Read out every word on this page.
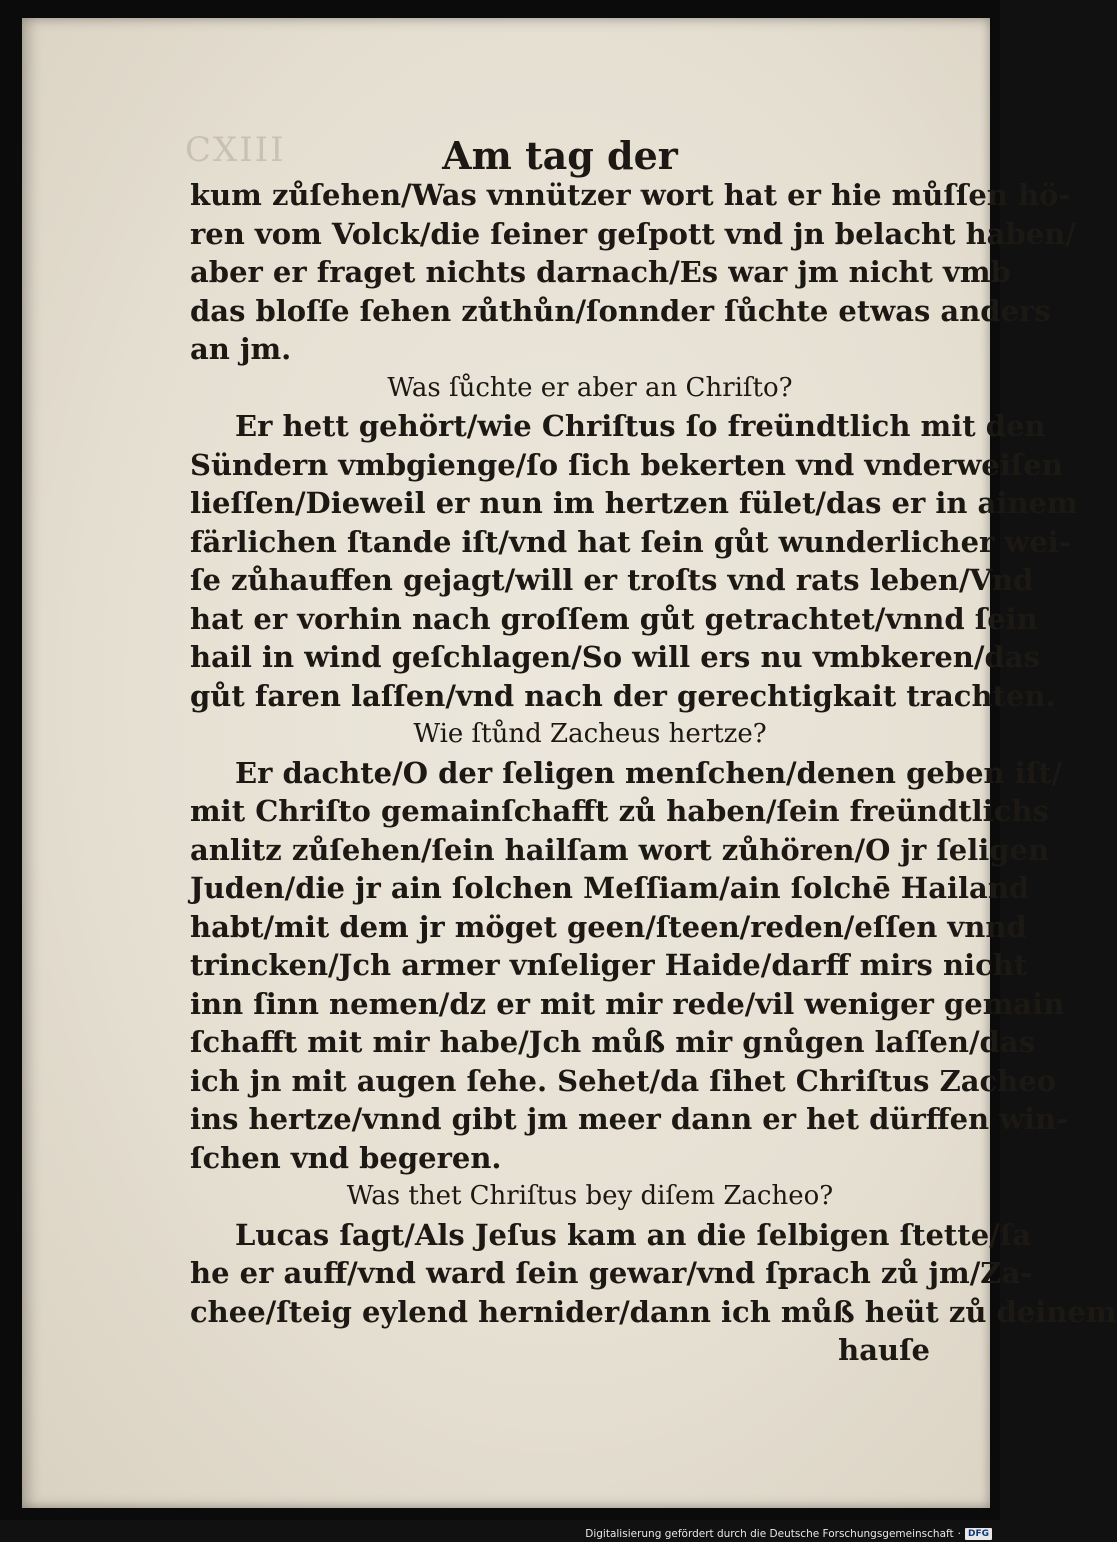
CXIII	Am tag der
kum zůſehen/Was vnnützer wort hat er hie můſſen hö-
ren vom Volck/die ſeiner geſpott vnd jn belacht haben/
aber er fraget nichts darnach/Es war jm nicht vmb
das bloſſe ſehen zůthůn/ſonnder ſůchte etwas anders
an jm.
Was ſůchte er aber an Chriſto?
Er hett gehört/wie Chriſtus ſo freündtlich mit den
Sündern vmbgienge/ſo ſich bekerten vnd vnderweiſen
lieſſen/Dieweil er nun im hertzen fület/das er in ainem
färlichen ſtande iſt/vnd hat ſein gůt wunderlicher wei-
ſe zůhauffen gejagt/will er troſts vnd rats leben/Vnd
hat er vorhin nach groſſem gůt getrachtet/vnnd ſein
hail in wind geſchlagen/So will ers nu vmbkeren/das
gůt faren laſſen/vnd nach der gerechtigkait trachten.
Wie ſtůnd Zacheus hertze?
Er dachte/O der ſeligen menſchen/denen geben iſt/
mit Chriſto gemainſchafft zů haben/ſein freündtlichs
anlitz zůſehen/ſein hailſam wort zůhören/O jr ſeligen
Juden/die jr ain ſolchen Meſſiam/ain ſolchē Hailand
habt/mit dem jr möget geen/ſteen/reden/eſſen vnnd
trincken/Jch armer vnſeliger Haide/darff mirs nicht
inn ſinn nemen/dz er mit mir rede/vil weniger gemain
ſchafft mit mir habe/Jch můß mir gnůgen laſſen/das
ich jn mit augen ſehe. Sehet/da ſihet Chriſtus Zacheo
ins hertze/vnnd gibt jm meer dann er het dürffen win-
ſchen vnd begeren.
Was thet Chriſtus bey diſem Zacheo?
Lucas ſagt/Als Jeſus kam an die ſelbigen ſtette/ſa
he er auff/vnd ward ſein gewar/vnd ſprach zů jm/Za-
chee/ſteig eylend hernider/dann ich můß heüt zů deinem
hauſe
Digitalisierung gefördert durch die Deutsche Forschungsgemeinschaft · DFG
